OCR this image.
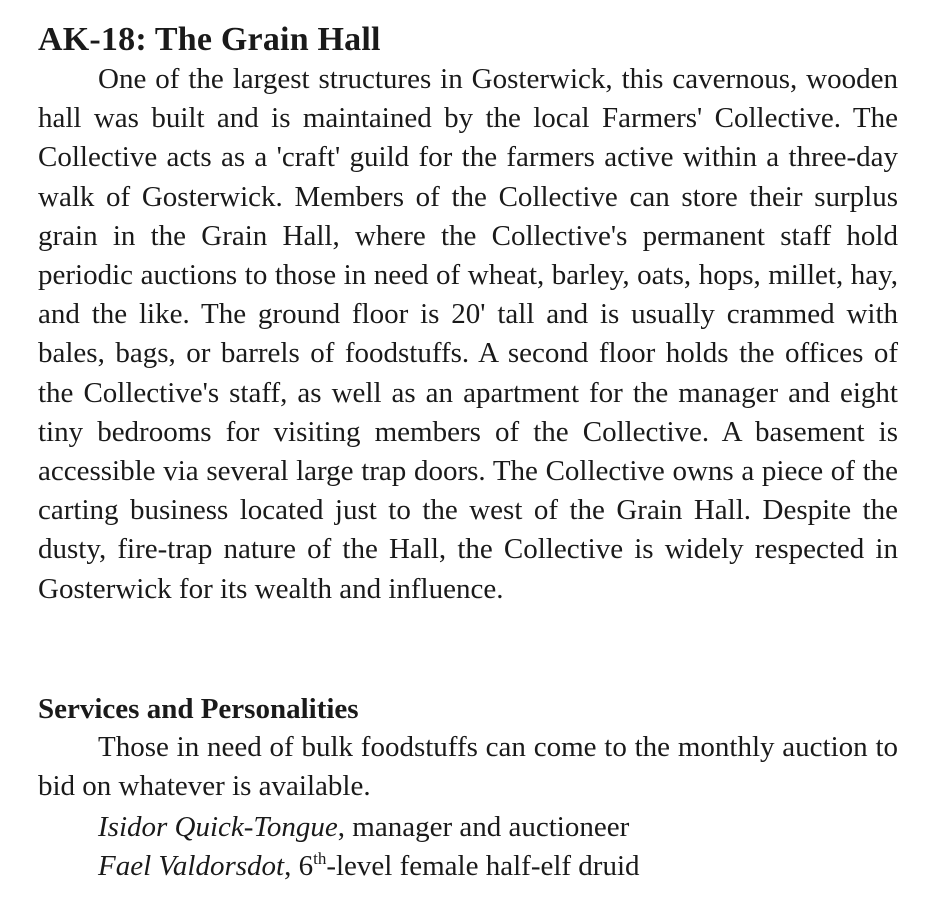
AK-18: The Grain Hall

One of the largest structures in Gosterwick, this cavernous, wooden hall was built and is maintained by the local Farmers' Collective. The Collective acts as a 'craft' guild for the farmers active within a three-day walk of Gosterwick. Members of the Collective can store their surplus grain in the Grain Hall, where the Collective's permanent staff hold periodic auctions to those in need of wheat, barley, oats, hops, millet, hay, and the like. The ground floor is 20' tall and is usually crammed with bales, bags, or barrels of foodstuffs. A second floor holds the offices of the Collective's staff, as well as an apartment for the manager and eight tiny bedrooms for visiting members of the Collective. A basement is accessible via several large trap doors. The Collective owns a piece of the carting business located just to the west of the Grain Hall. Despite the dusty, fire-trap nature of the Hall, the Collective is widely respected in Gosterwick for its wealth and influence.

Services and Personalities

Those in need of bulk foodstuffs can come to the monthly auction to bid on whatever is available.

Isidor Quick-Tongue, manager and auctioneer

Fael Valdorsdot, 6th-level female half-elf druid
